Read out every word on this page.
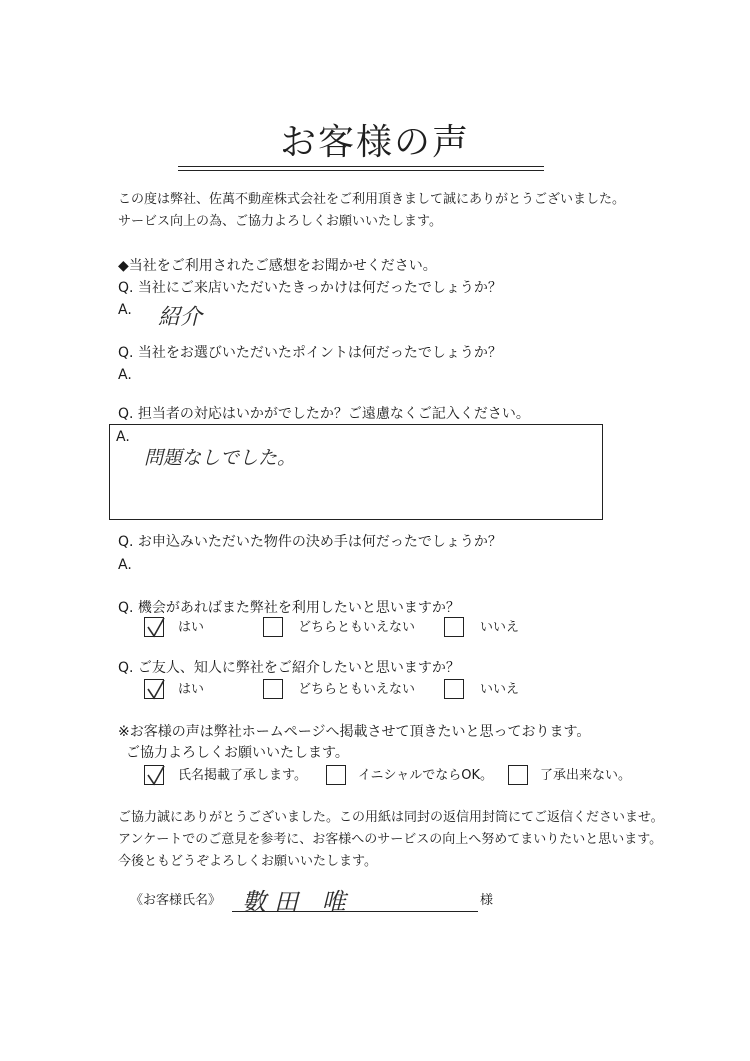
お客様の声
この度は弊社、佐萬不動産株式会社をご利用頂きまして誠にありがとうございました。
サービス向上の為、ご協力よろしくお願いいたします。
◆当社をご利用されたご感想をお聞かせください。
Q. 当社にご来店いただいたきっかけは何だったでしょうか？
A. 紹介
Q. 当社をお選びいただいたポイントは何だったでしょうか？
A.
Q. 担当者の対応はいかがでしたか？ご遠慮なくご記入ください。
A.
問題なしでした。
Q. お申込みいただいた物件の決め手は何だったでしょうか？
A.
Q. 機会があればまた弊社を利用したいと思いますか？
はい	どちらともいえない	いいえ
Q. ご友人、知人に弊社をご紹介したいと思いますか？
はい	どちらともいえない	いいえ
※お客様の声は弊社ホームページへ掲載させて頂きたいと思っております。
ご協力よろしくお願いいたします。
氏名掲載了承します。	イニシャルでならOK。	了承出来ない。
ご協力誠にありがとうございました。この用紙は同封の返信用封筒にてご返信くださいませ。
アンケートでのご意見を参考に、お客様へのサービスの向上へ努めてまいりたいと思います。
今後ともどうぞよろしくお願いいたします。
《お客様氏名》 數田 唯	様
